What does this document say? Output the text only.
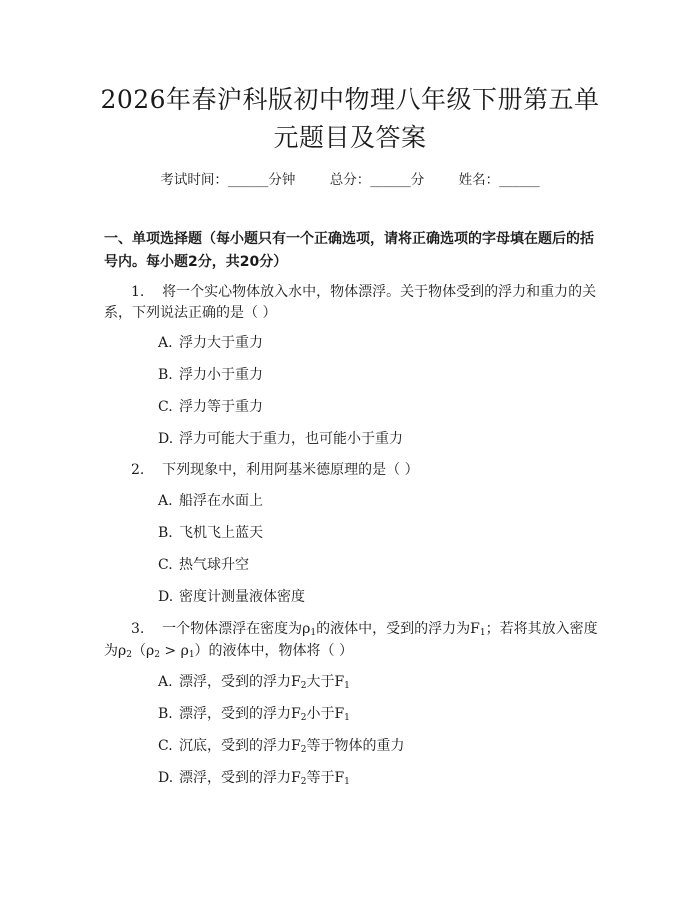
2026年春沪科版初中物理八年级下册第五单
元题目及答案
考试时间：______分钟	总分：______分	姓名：______
一、单项选择题（每小题只有一个正确选项，请将正确选项的字母填在题后的括
号内。每小题2分，共20分）
1. 将一个实心物体放入水中，物体漂浮。关于物体受到的浮力和重力的关
系，下列说法正确的是（ ）
A. 浮力大于重力
B. 浮力小于重力
C. 浮力等于重力
D. 浮力可能大于重力，也可能小于重力
2. 下列现象中，利用阿基米德原理的是（ ）
A. 船浮在水面上
B. 飞机飞上蓝天
C. 热气球升空
D. 密度计测量液体密度
3. 一个物体漂浮在密度为$\rho_1$的液体中，受到的浮力为$F_1$；若将其放入密度
为$\rho_2(\rho_2 > \rho_1)$的液体中，物体将（ ）
A. 漂浮，受到的浮力$F_2$大于$F_1$
B. 漂浮，受到的浮力$F_2$小于$F_1$
C. 沉底，受到的浮力$F_2$等于物体的重力
D. 漂浮，受到的浮力$F_2$等于$F_1$
